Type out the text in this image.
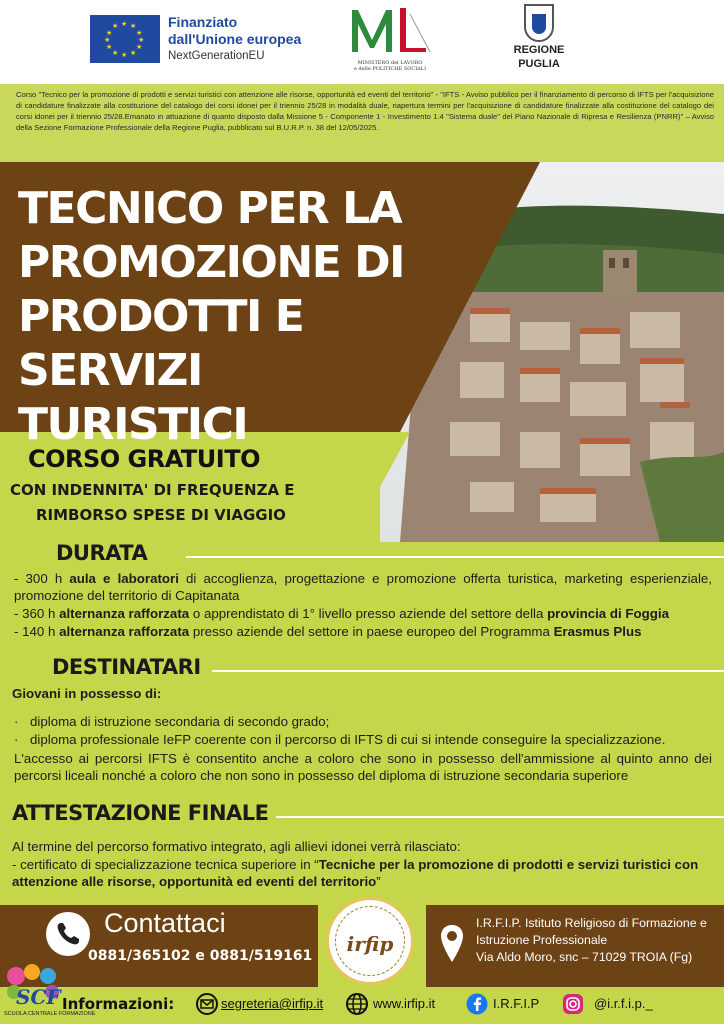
★ ★
★
★
★
★
★
★
★
★
★
★	Finanziato
dall'Unione europea
NextGenerationEU
MINISTERO del LAVORO
e delle POLITICHE SOCIALI
REGIONE
PUGLIA
Corso "Tecnico per la promozione di prodotti e servizi turistici con attenzione alle risorse, opportunità ed eventi del territorio" - "IFTS - Avviso pubblico per il finanziamento di percorso di IFTS per l'acquisizione di candidature finalizzate alla costituzione del catalogo dei corsi idonei per il triennio 25/28 in modalità duale, riapertura termini per l'acquisizione di candidature finalizzate alla costituzione del catalogo dei corsi idonei per il triennio 25/28.Emanato in attuazione di quanto disposto dalla Missione 5 - Componente 1 - Investimento 1.4 "Sistema duale" del Piano Nazionale di Ripresa e Resilienza (PNRR)" – Avviso della Sezione Formazione Professionale della Regione Puglia, pubblicato sul B.U.R.P. n. 38 del 12/05/2025.
TECNICO PER LA
PROMOZIONE DI
PRODOTTI E
SERVIZI
TURISTICI
CORSO GRATUITO
CON INDENNITA' DI FREQUENZA E
RIMBORSO SPESE DI VIAGGIO
DURATA
- 300 h aula e laboratori di accoglienza, progettazione e promozione offerta turistica, marketing esperienziale, promozione del territorio di Capitanata
- 360 h alternanza rafforzata o apprendistato di 1° livello presso aziende del settore della provincia di Foggia
- 140 h alternanza rafforzata presso aziende del settore in paese europeo del Programma Erasmus Plus
DESTINATARI
Giovani in possesso di:
· diploma di istruzione secondaria di secondo grado;
· diploma professionale IeFP coerente con il percorso di IFTS di cui si intende conseguire la specializzazione.
L'accesso ai percorsi IFTS è consentito anche a coloro che sono in possesso dell'ammissione al quinto anno dei percorsi liceali nonché a coloro che non sono in possesso del diploma di istruzione secondaria superiore
ATTESTAZIONE FINALE
Al termine del percorso formativo integrato, agli allievi idonei verrà rilasciato:
- certificato di specializzazione tecnica superiore in “Tecniche per la promozione di prodotti e servizi turistici con attenzione alle risorse, opportunità ed eventi del territorio”
Contattaci
0881/365102 e 0881/519161	irfip
I.R.F.I.P. Istituto Religioso di Formazione e Istruzione Professionale
Via Aldo Moro, snc – 71029 TROIA (Fg)
SCF
SCUOLA CENTRALE FORMAZIONE
Informazioni:	segreteria@irfip.it	www.irfip.it	I.R.F.I.P	@i.r.f.i.p._
